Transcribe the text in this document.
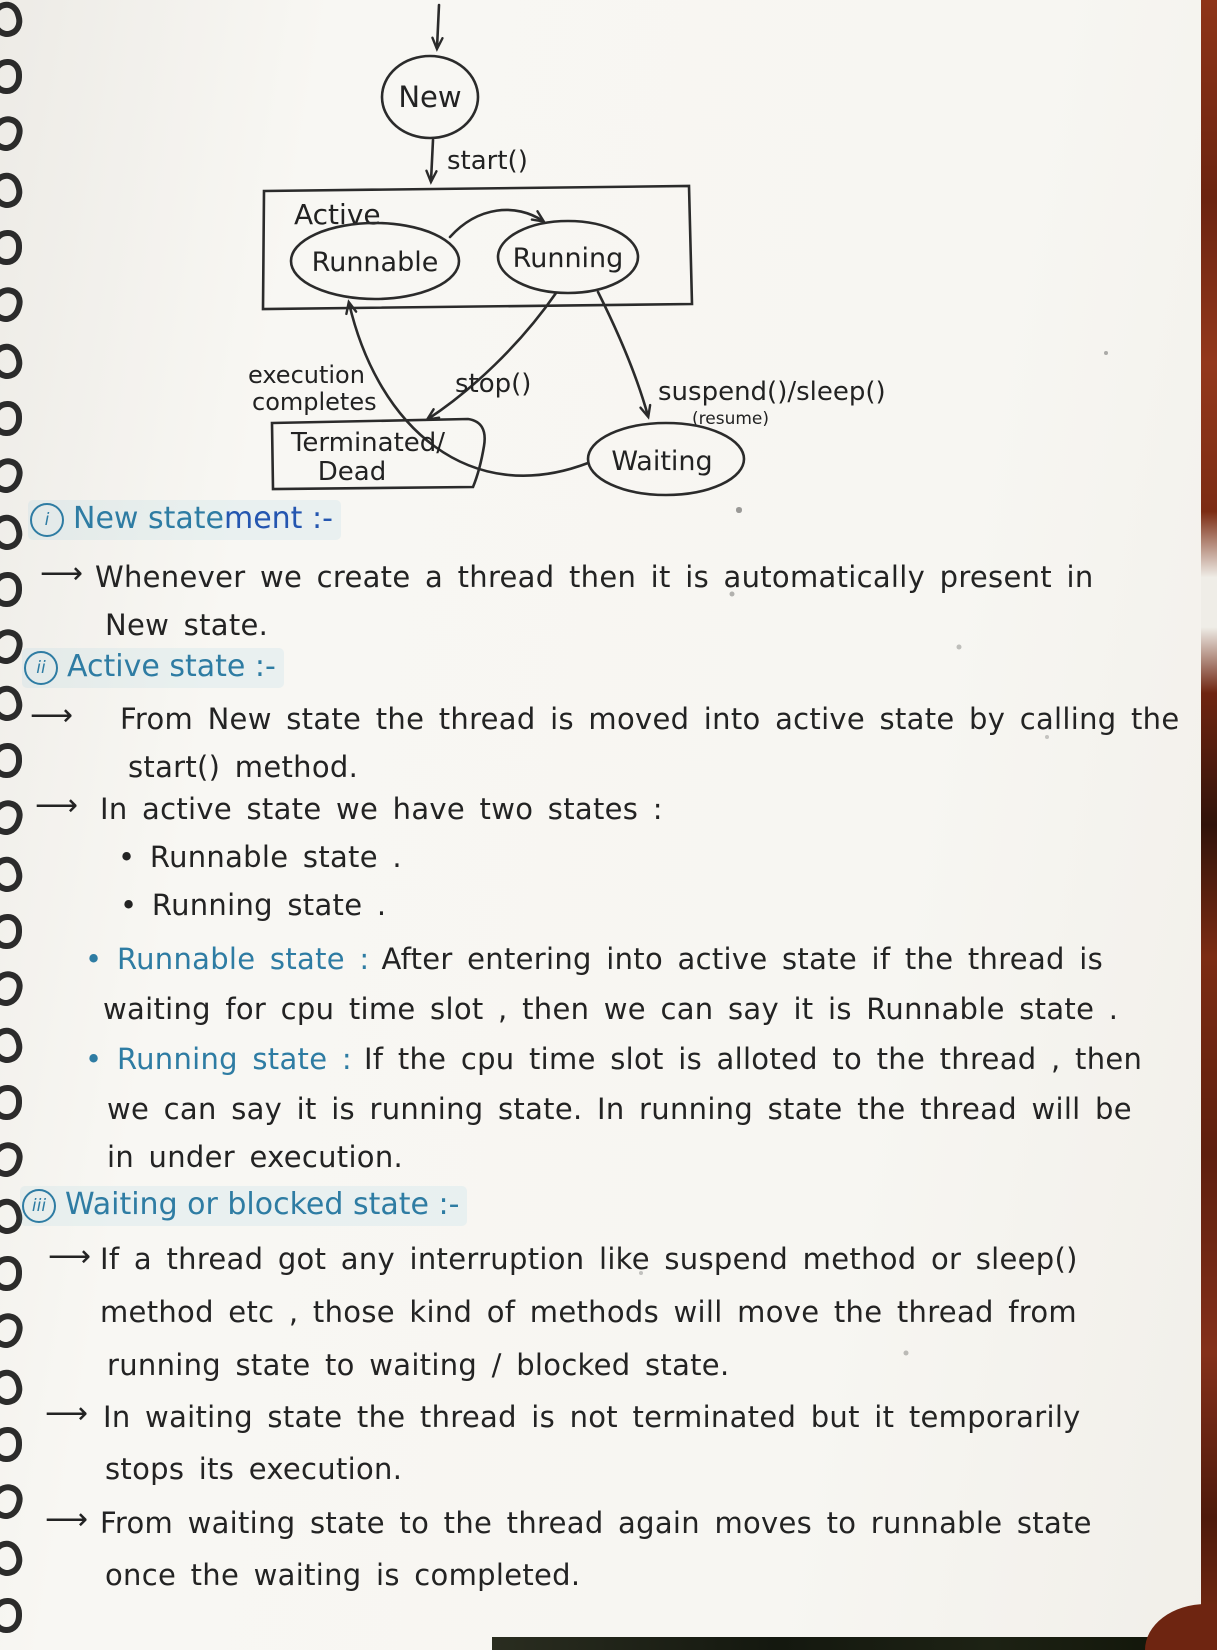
New
start()
Active
Runnable	Running
stop()	suspend()/sleep()
(resume)
execution
completes
Terminated/
Dead	Waiting
i New statement :-
⟶ Whenever we create a thread then it is automatically present in
New state.
ii Active state :-
⟶ From New state the thread is moved into active state by calling the
start() method.
⟶ In active state we have two states :
• Runnable state .
• Running state .
• Runnable state : After entering into active state if the thread is
waiting for cpu time slot , then we can say it is Runnable state .
• Running state : If the cpu time slot is alloted to the thread , then
we can say it is running state. In running state the thread will be
in under execution.
iii Waiting or blocked state :-
⟶ If a thread got any interruption like suspend method or sleep()
method etc , those kind of methods will move the thread from
running state to waiting / blocked state.
⟶ In waiting state the thread is not terminated but it temporarily
stops its execution.
⟶ From waiting state to the thread again moves to runnable state
once the waiting is completed.
